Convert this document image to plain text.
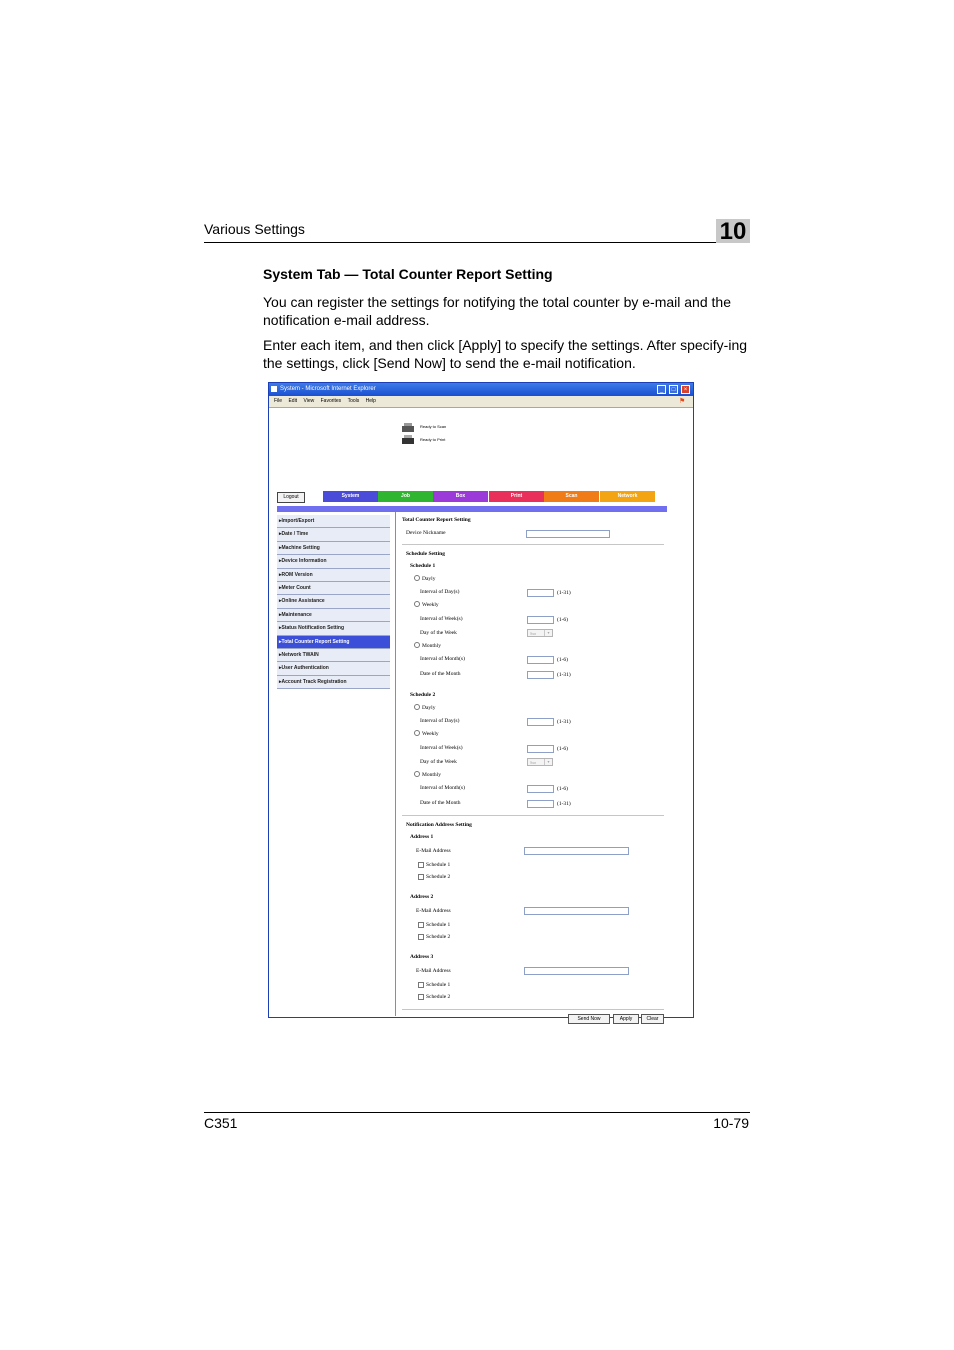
Various Settings	10
System Tab — Total Counter Report Setting
You can register the settings for notifying the total counter by e-mail and the notification e-mail address.
Enter each item, and then click [Apply] to specify the settings. After specify-ing the settings, click [Send Now] to send the e-mail notification.
System - Microsoft Internet Explorer	_	□	×
File Edit View Favorites Tools Help	⚑
Ready to Scan
Ready to Print
Logout	System	Job	Box	Print	Scan	Network
▸Import/Export
▸Date / Time
▸Machine Setting
▸Device Information
▸ROM Version
▸Meter Count
▸Online Assistance
▸Maintenance
▸Status Notification Setting
▸Total Counter Report Setting
▸Network TWAIN
▸User Authentication
▸Account Track Registration
Total Counter Report Setting
Device Nickname
Schedule Setting
Schedule 1
Dayly
Interval of Day(s)	(1-31)
Weekly
Interval of Week(s)	(1-6)
Day of the Week	Sun	▾
Monthly
Interval of Month(s)	(1-6)
Date of the Month	(1-31)
Schedule 2
Dayly
Interval of Day(s)	(1-31)
Weekly
Interval of Week(s)	(1-6)
Day of the Week	Sun	▾
Monthly
Interval of Month(s)	(1-6)
Date of the Month	(1-31)
Notification Address Setting
Address 1
E-Mail Address
Schedule 1
Schedule 2
Address 2
E-Mail Address
Schedule 1
Schedule 2
Address 3
E-Mail Address
Schedule 1
Schedule 2
Send Now	Apply	Clear
C351	10-79
